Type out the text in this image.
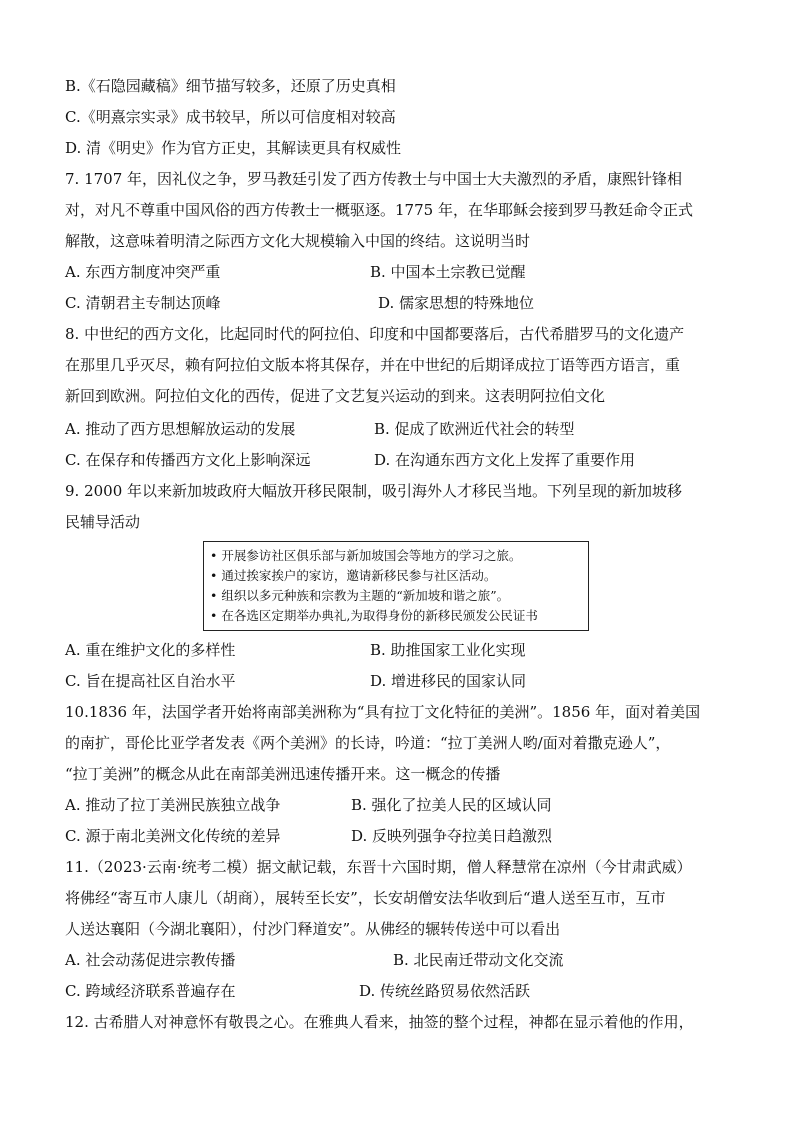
B.《石隐园藏稿》细节描写较多，还原了历史真相
C.《明熹宗实录》成书较早，所以可信度相对较高
D. 清《明史》作为官方正史，其解读更具有权威性
7. 1707 年，因礼仪之争，罗马教廷引发了西方传教士与中国士大夫激烈的矛盾，康熙针锋相
对，对凡不尊重中国风俗的西方传教士一概驱逐。1775 年，在华耶稣会接到罗马教廷命令正式
解散，这意味着明清之际西方文化大规模输入中国的终结。这说明当时
A. 东西方制度冲突严重	B. 中国本土宗教已觉醒
C. 清朝君主专制达顶峰	D. 儒家思想的特殊地位
8. 中世纪的西方文化，比起同时代的阿拉伯、印度和中国都要落后，古代希腊罗马的文化遗产
在那里几乎灭尽，赖有阿拉伯文版本将其保存，并在中世纪的后期译成拉丁语等西方语言，重
新回到欧洲。阿拉伯文化的西传，促进了文艺复兴运动的到来。这表明阿拉伯文化
A. 推动了西方思想解放运动的发展	B. 促成了欧洲近代社会的转型
C. 在保存和传播西方文化上影响深远	D. 在沟通东西方文化上发挥了重要作用
9. 2000 年以来新加坡政府大幅放开移民限制，吸引海外人才移民当地。下列呈现的新加坡移
民辅导活动
• 开展参访社区俱乐部与新加坡国会等地方的学习之旅。
• 通过挨家挨户的家访，邀请新移民参与社区活动。
• 组织以多元种族和宗教为主题的“新加坡和谐之旅”。
• 在各选区定期举办典礼,为取得身份的新移民颁发公民证书
A. 重在维护文化的多样性	B. 助推国家工业化实现
C. 旨在提高社区自治水平	D. 增进移民的国家认同
10.1836 年，法国学者开始将南部美洲称为“具有拉丁文化特征的美洲”。1856 年，面对着美国
的南扩，哥伦比亚学者发表《两个美洲》的长诗，吟道：“拉丁美洲人哟/面对着撒克逊人”，
“拉丁美洲”的概念从此在南部美洲迅速传播开来。这一概念的传播
A. 推动了拉丁美洲民族独立战争	B. 强化了拉美人民的区域认同
C. 源于南北美洲文化传统的差异	D. 反映列强争夺拉美日趋激烈
11.（2023·云南·统考二模）据文献记载，东晋十六国时期，僧人释慧常在凉州（今甘肃武威）
将佛经“寄互市人康儿（胡商），展转至长安”，长安胡僧安法华收到后“遣人送至互市，互市
人送达襄阳（今湖北襄阳），付沙门释道安”。从佛经的辗转传送中可以看出
A. 社会动荡促进宗教传播	B. 北民南迁带动文化交流
C. 跨域经济联系普遍存在	D. 传统丝路贸易依然活跃
12. 古希腊人对神意怀有敬畏之心。在雅典人看来，抽签的整个过程，神都在显示着他的作用，
